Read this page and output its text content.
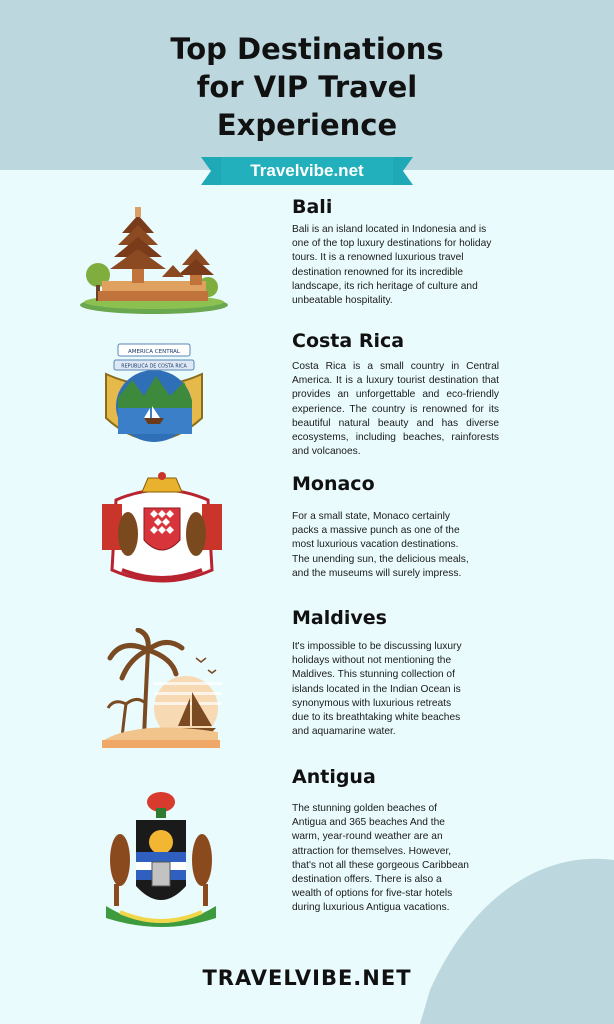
Top Destinations
for VIP Travel
Experience
Travelvibe.net
Bali

Bali is an island located in Indonesia and is one of the top luxury destinations for holiday tours. It is a renowned luxurious travel destination renowned for its incredible landscape, its rich heritage of culture and unbeatable hospitality.

AMERICA CENTRAL
REPUBLICA DE COSTA RICA
Costa Rica

Costa Rica is a small country in Central America. It is a luxury tourist destination that provides an unforgettable and eco-friendly experience. The country is renowned for its beautiful natural beauty and has diverse ecosystems, including beaches, rainforests and volcanoes.

Monaco

For a small state, Monaco certainly packs a massive punch as one of the most luxurious vacation destinations. The unending sun, the delicious meals, and the museums will surely impress.

Maldives

It's impossible to be discussing luxury holidays without not mentioning the Maldives. This stunning collection of islands located in the Indian Ocean is synonymous with luxurious retreats due to its breathtaking white beaches and aquamarine water.

Antigua

The stunning golden beaches of Antigua and 365 beaches And the warm, year-round weather are an attraction for themselves. However, that's not all these gorgeous Caribbean destination offers. There is also a wealth of options for five-star hotels during luxurious Antigua vacations.

TRAVELVIBE.NET
